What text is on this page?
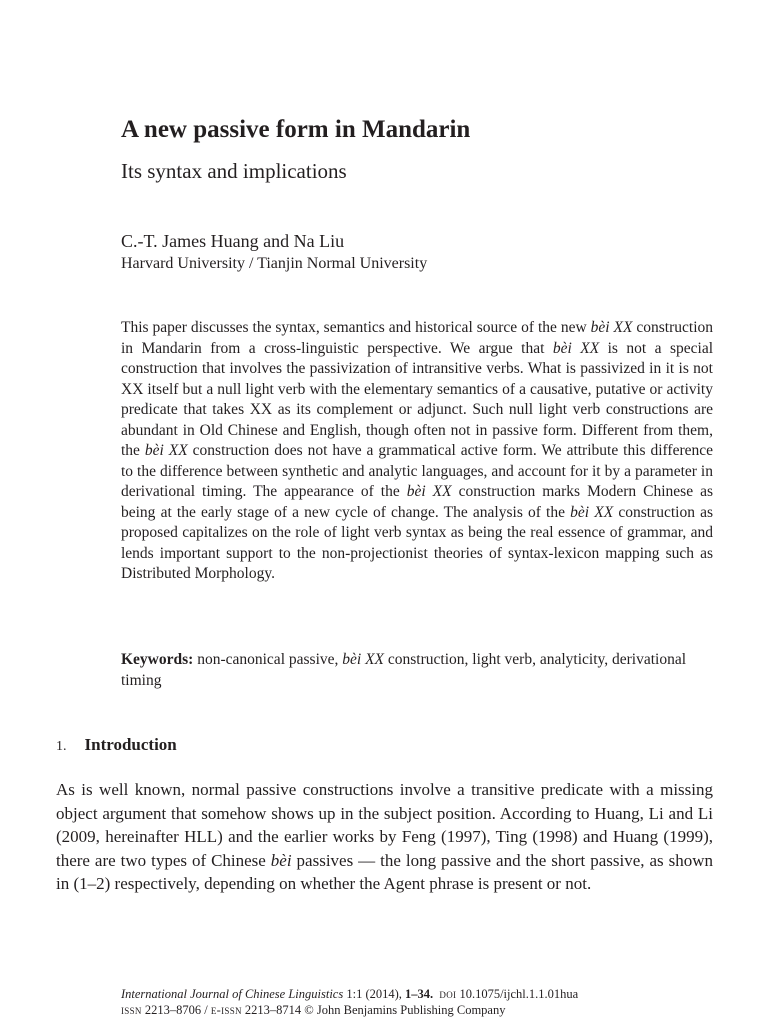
A new passive form in Mandarin
Its syntax and implications

C.-T. James Huang and Na Liu

Harvard University / Tianjin Normal University

This paper discusses the syntax, semantics and historical source of the new bèi XX construction in Mandarin from a cross-linguistic perspective. We argue that bèi XX is not a special construction that involves the passivization of intransitive verbs. What is passivized in it is not XX itself but a null light verb with the elementary semantics of a causative, putative or activity predicate that takes XX as its complement or adjunct. Such null light verb constructions are abundant in Old Chinese and English, though often not in passive form. Different from them, the bèi XX construction does not have a grammatical active form. We attribute this difference to the difference between synthetic and analytic languages, and account for it by a parameter in derivational timing. The appearance of the bèi XX construction marks Modern Chinese as being at the early stage of a new cycle of change. The analysis of the bèi XX construction as proposed capitalizes on the role of light verb syntax as being the real essence of grammar, and lends important support to the non-projectionist theories of syntax-lexicon mapping such as Distributed Morphology.

Keywords: non-canonical passive, bèi XX construction, light verb, analyticity, derivational timing

1. Introduction

As is well known, normal passive constructions involve a transitive predicate with a missing object argument that somehow shows up in the subject position. According to Huang, Li and Li (2009, hereinafter HLL) and the earlier works by Feng (1997), Ting (1998) and Huang (1999), there are two types of Chinese bèi passives — the long passive and the short passive, as shown in (1–2) respectively, depending on whether the Agent phrase is present or not.

International Journal of Chinese Linguistics 1:1 (2014), 1–34. doi 10.1075/ijchl.1.1.01hua

issn 2213–8706 / e-issn 2213–8714 © John Benjamins Publishing Company
